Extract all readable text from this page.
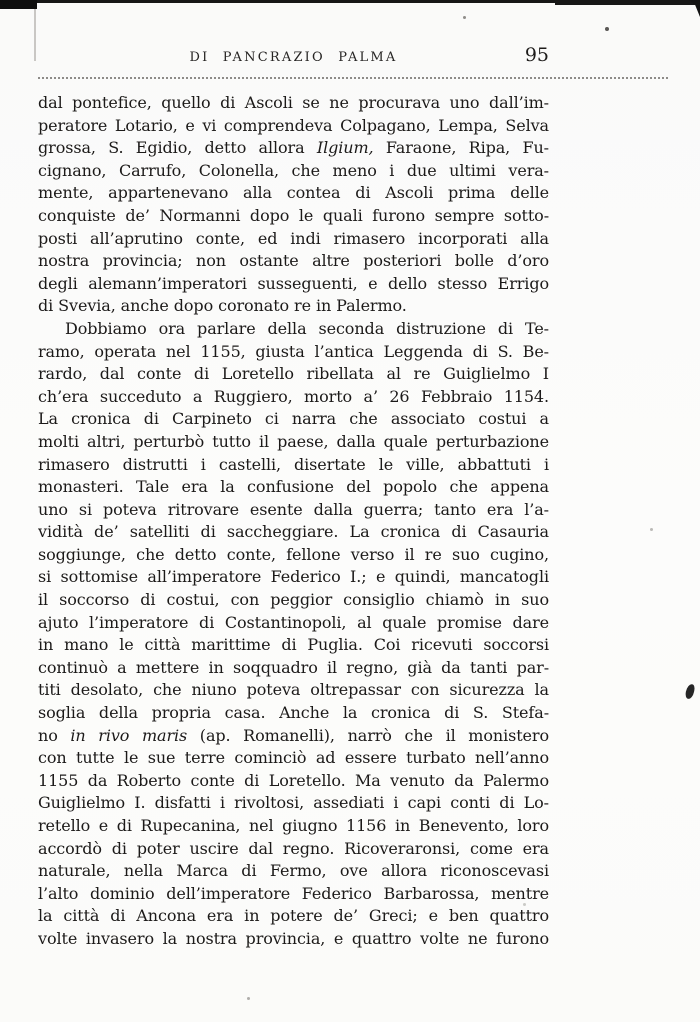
DI PANCRAZIO PALMA	95
dal pontefice, quello di Ascoli se ne procurava uno dall’im-
peratore Lotario, e vi comprendeva Colpagano, Lempa, Selva
grossa, S. Egidio, detto allora Ilgium, Faraone, Ripa, Fu-
cignano, Carrufo, Colonella, che meno i due ultimi vera-
mente, appartenevano alla contea di Ascoli prima delle
conquiste de’ Normanni dopo le quali furono sempre sotto-
posti all’aprutino conte, ed indi rimasero incorporati alla
nostra provincia; non ostante altre posteriori bolle d’oro
degli alemann’imperatori susseguenti, e dello stesso Errigo
di Svevia, anche dopo coronato re in Palermo.
Dobbiamo ora parlare della seconda distruzione di Te-
ramo, operata nel 1155, giusta l’antica Leggenda di S. Be-
rardo, dal conte di Loretello ribellata al re Guiglielmo I
ch’era succeduto a Ruggiero, morto a’ 26 Febbraio 1154.
La cronica di Carpineto ci narra che associato costui a
molti altri, perturbò tutto il paese, dalla quale perturbazione
rimasero distrutti i castelli, disertate le ville, abbattuti i
monasteri. Tale era la confusione del popolo che appena
uno si poteva ritrovare esente dalla guerra; tanto era l’a-
vidità de’ satelliti di saccheggiare. La cronica di Casauria
soggiunge, che detto conte, fellone verso il re suo cugino,
si sottomise all’imperatore Federico I.; e quindi, mancatogli
il soccorso di costui, con peggior consiglio chiamò in suo
ajuto l’imperatore di Costantinopoli, al quale promise dare
in mano le città marittime di Puglia. Coi ricevuti soccorsi
continuò a mettere in soqquadro il regno, già da tanti par-
titi desolato, che niuno poteva oltrepassar con sicurezza la
soglia della propria casa. Anche la cronica di S. Stefa-
no in rivo maris (ap. Romanelli), narrò che il monistero
con tutte le sue terre cominciò ad essere turbato nell’anno
1155 da Roberto conte di Loretello. Ma venuto da Palermo
Guiglielmo I. disfatti i rivoltosi, assediati i capi conti di Lo-
retello e di Rupecanina, nel giugno 1156 in Benevento, loro
accordò di poter uscire dal regno. Ricoveraronsi, come era
naturale, nella Marca di Fermo, ove allora riconoscevasi
l’alto dominio dell’imperatore Federico Barbarossa, mentre
la città di Ancona era in potere de’ Greci; e ben quattro
volte invasero la nostra provincia, e quattro volte ne furono
